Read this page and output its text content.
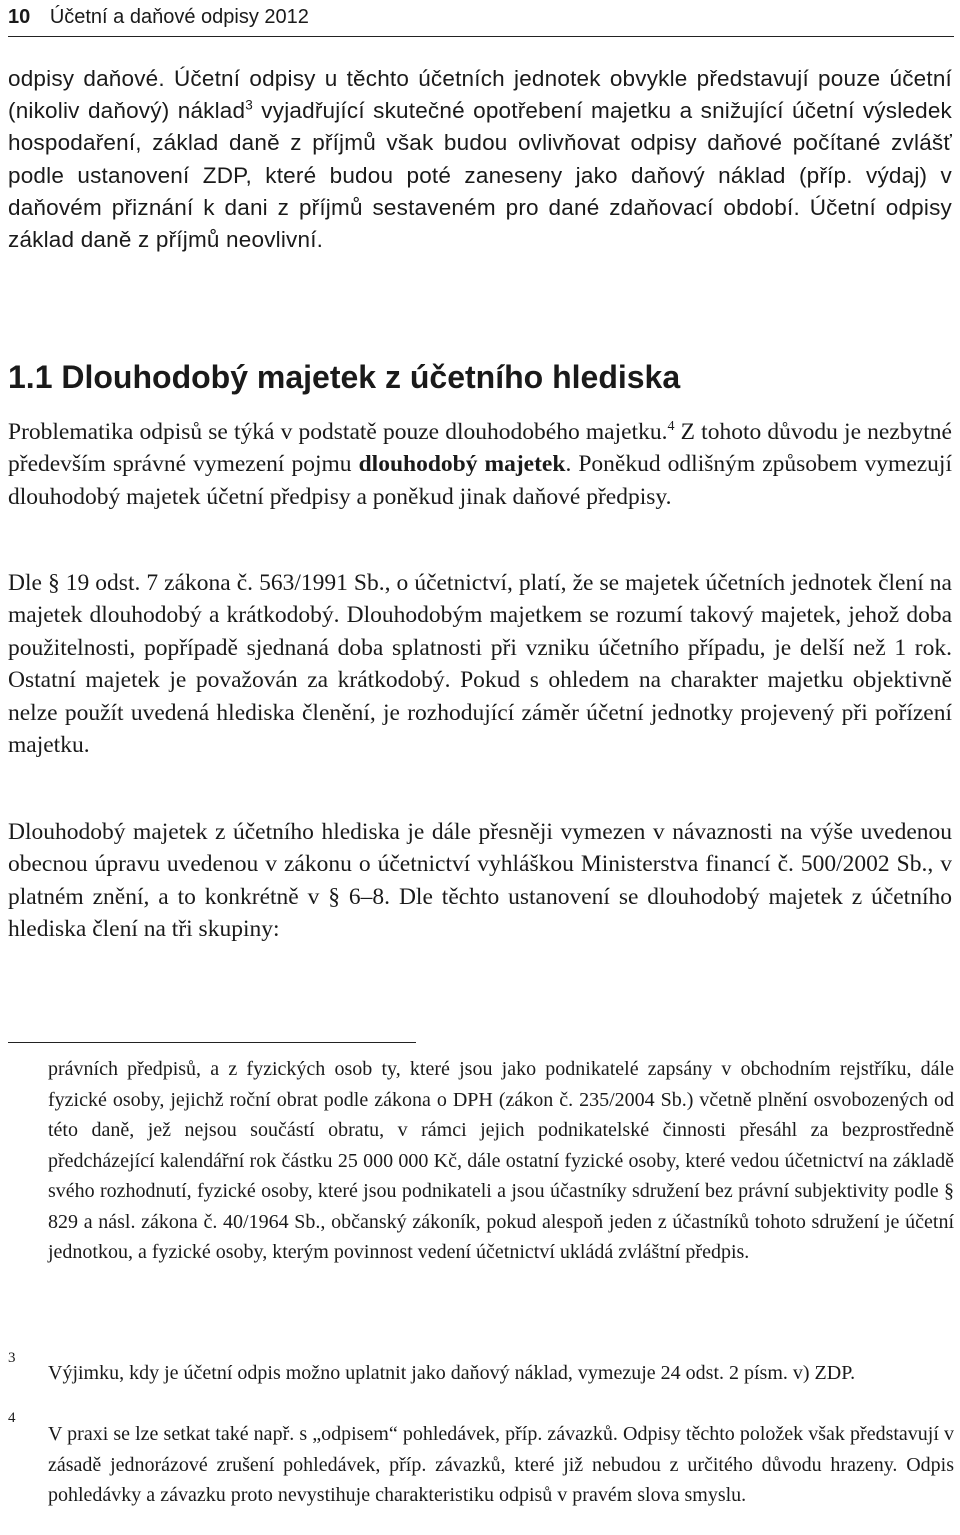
10 Účetní a daňové odpisy 2012
odpisy daňové. Účetní odpisy u těchto účetních jednotek obvykle představují pouze účetní (nikoliv daňový) náklad$^3$ vyjadřující skutečné opotřebení majetku a snižující účetní výsledek hospodaření, základ daně z příjmů však budou ovlivňovat odpisy daňové počítané zvlášť podle ustanovení ZDP, které budou poté zaneseny jako daňový náklad (příp. výdaj) v daňovém přiznání k dani z příjmů sestaveném pro dané zdaňovací období. Účetní odpisy základ daně z příjmů neovlivní.
1.1 Dlouhodobý majetek z účetního hlediska
Problematika odpisů se týká v podstatě pouze dlouhodobého majetku.$^4$ Z tohoto důvodu je nezbytné především správné vymezení pojmu dlouhodobý majetek. Poněkud odlišným způsobem vymezují dlouhodobý majetek účetní předpisy a poněkud jinak daňové předpisy.
Dle § 19 odst. 7 zákona č. 563/1991 Sb., o účetnictví, platí, že se majetek účetních jednotek člení na majetek dlouhodobý a krátkodobý. Dlouhodobým majetkem se rozumí takový majetek, jehož doba použitelnosti, popřípadě sjednaná doba splatnosti při vzniku účetního případu, je delší než 1 rok. Ostatní majetek je považován za krátkodobý. Pokud s ohledem na charakter majetku objektivně nelze použít uvedená hlediska členění, je rozhodující záměr účetní jednotky projevený při pořízení majetku.
Dlouhodobý majetek z účetního hlediska je dále přesněji vymezen v návaznosti na výše uvedenou obecnou úpravu uvedenou v zákonu o účetnictví vyhláškou Ministerstva financí č. 500/2002 Sb., v platném znění, a to konkrétně v § 6–8. Dle těchto ustanovení se dlouhodobý majetek z účetního hlediska člení na tři skupiny:
právních předpisů, a z fyzických osob ty, které jsou jako podnikatelé zapsány v obchodním rejstříku, dále fyzické osoby, jejichž roční obrat podle zákona o DPH (zákon č. 235/2004 Sb.) včetně plnění osvobozených od této daně, jež nejsou součástí obratu, v rámci jejich podnikatelské činnosti přesáhl za bezprostředně předcházející kalendářní rok částku 25 000 000 Kč, dále ostatní fyzické osoby, které vedou účetnictví na základě svého rozhodnutí, fyzické osoby, které jsou podnikateli a jsou účastníky sdružení bez právní subjektivity podle § 829 a násl. zákona č. 40/1964 Sb., občanský zákoník, pokud alespoň jeden z účastníků tohoto sdružení je účetní jednotkou, a fyzické osoby, kterým povinnost vedení účetnictví ukládá zvláštní předpis.
3
Výjimku, kdy je účetní odpis možno uplatnit jako daňový náklad, vymezuje 24 odst. 2 písm. v) ZDP.
4
V praxi se lze setkat také např. s „odpisem“ pohledávek, příp. závazků. Odpisy těchto položek však představují v zásadě jednorázové zrušení pohledávek, příp. závazků, které již nebudou z určitého důvodu hrazeny. Odpis pohledávky a závazku proto nevystihuje charakteristiku odpisů v pravém slova smyslu.
